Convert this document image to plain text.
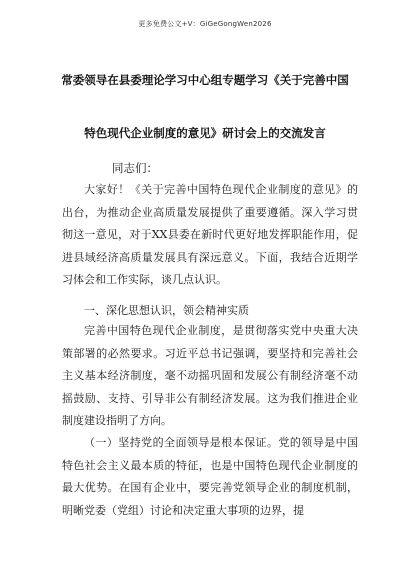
更多免费公文+V：GiGeGongWen2026
常委领导在县委理论学习中心组专题学习《关于完善中国
特色现代企业制度的意见》研讨会上的交流发言
同志们：
大家好！《关于完善中国特色现代企业制度的意见》的出台，为推动企业高质量发展提供了重要遵循。深入学习贯彻这一意见，对于XX县委在新时代更好地发挥职能作用，促进县域经济高质量发展具有深远意义。下面，我结合近期学习体会和工作实际，谈几点认识。
一、深化思想认识，领会精神实质
完善中国特色现代企业制度，是贯彻落实党中央重大决策部署的必然要求。习近平总书记强调，要坚持和完善社会主义基本经济制度，毫不动摇巩固和发展公有制经济毫不动摇鼓励、支持、引导非公有制经济发展。这为我们推进企业制度建设指明了方向。
（一）坚持党的全面领导是根本保证。党的领导是中国特色社会主义最本质的特征，也是中国特色现代企业制度的最大优势。在国有企业中，要完善党领导企业的制度机制，明晰党委（党组）讨论和决定重大事项的边界，提
